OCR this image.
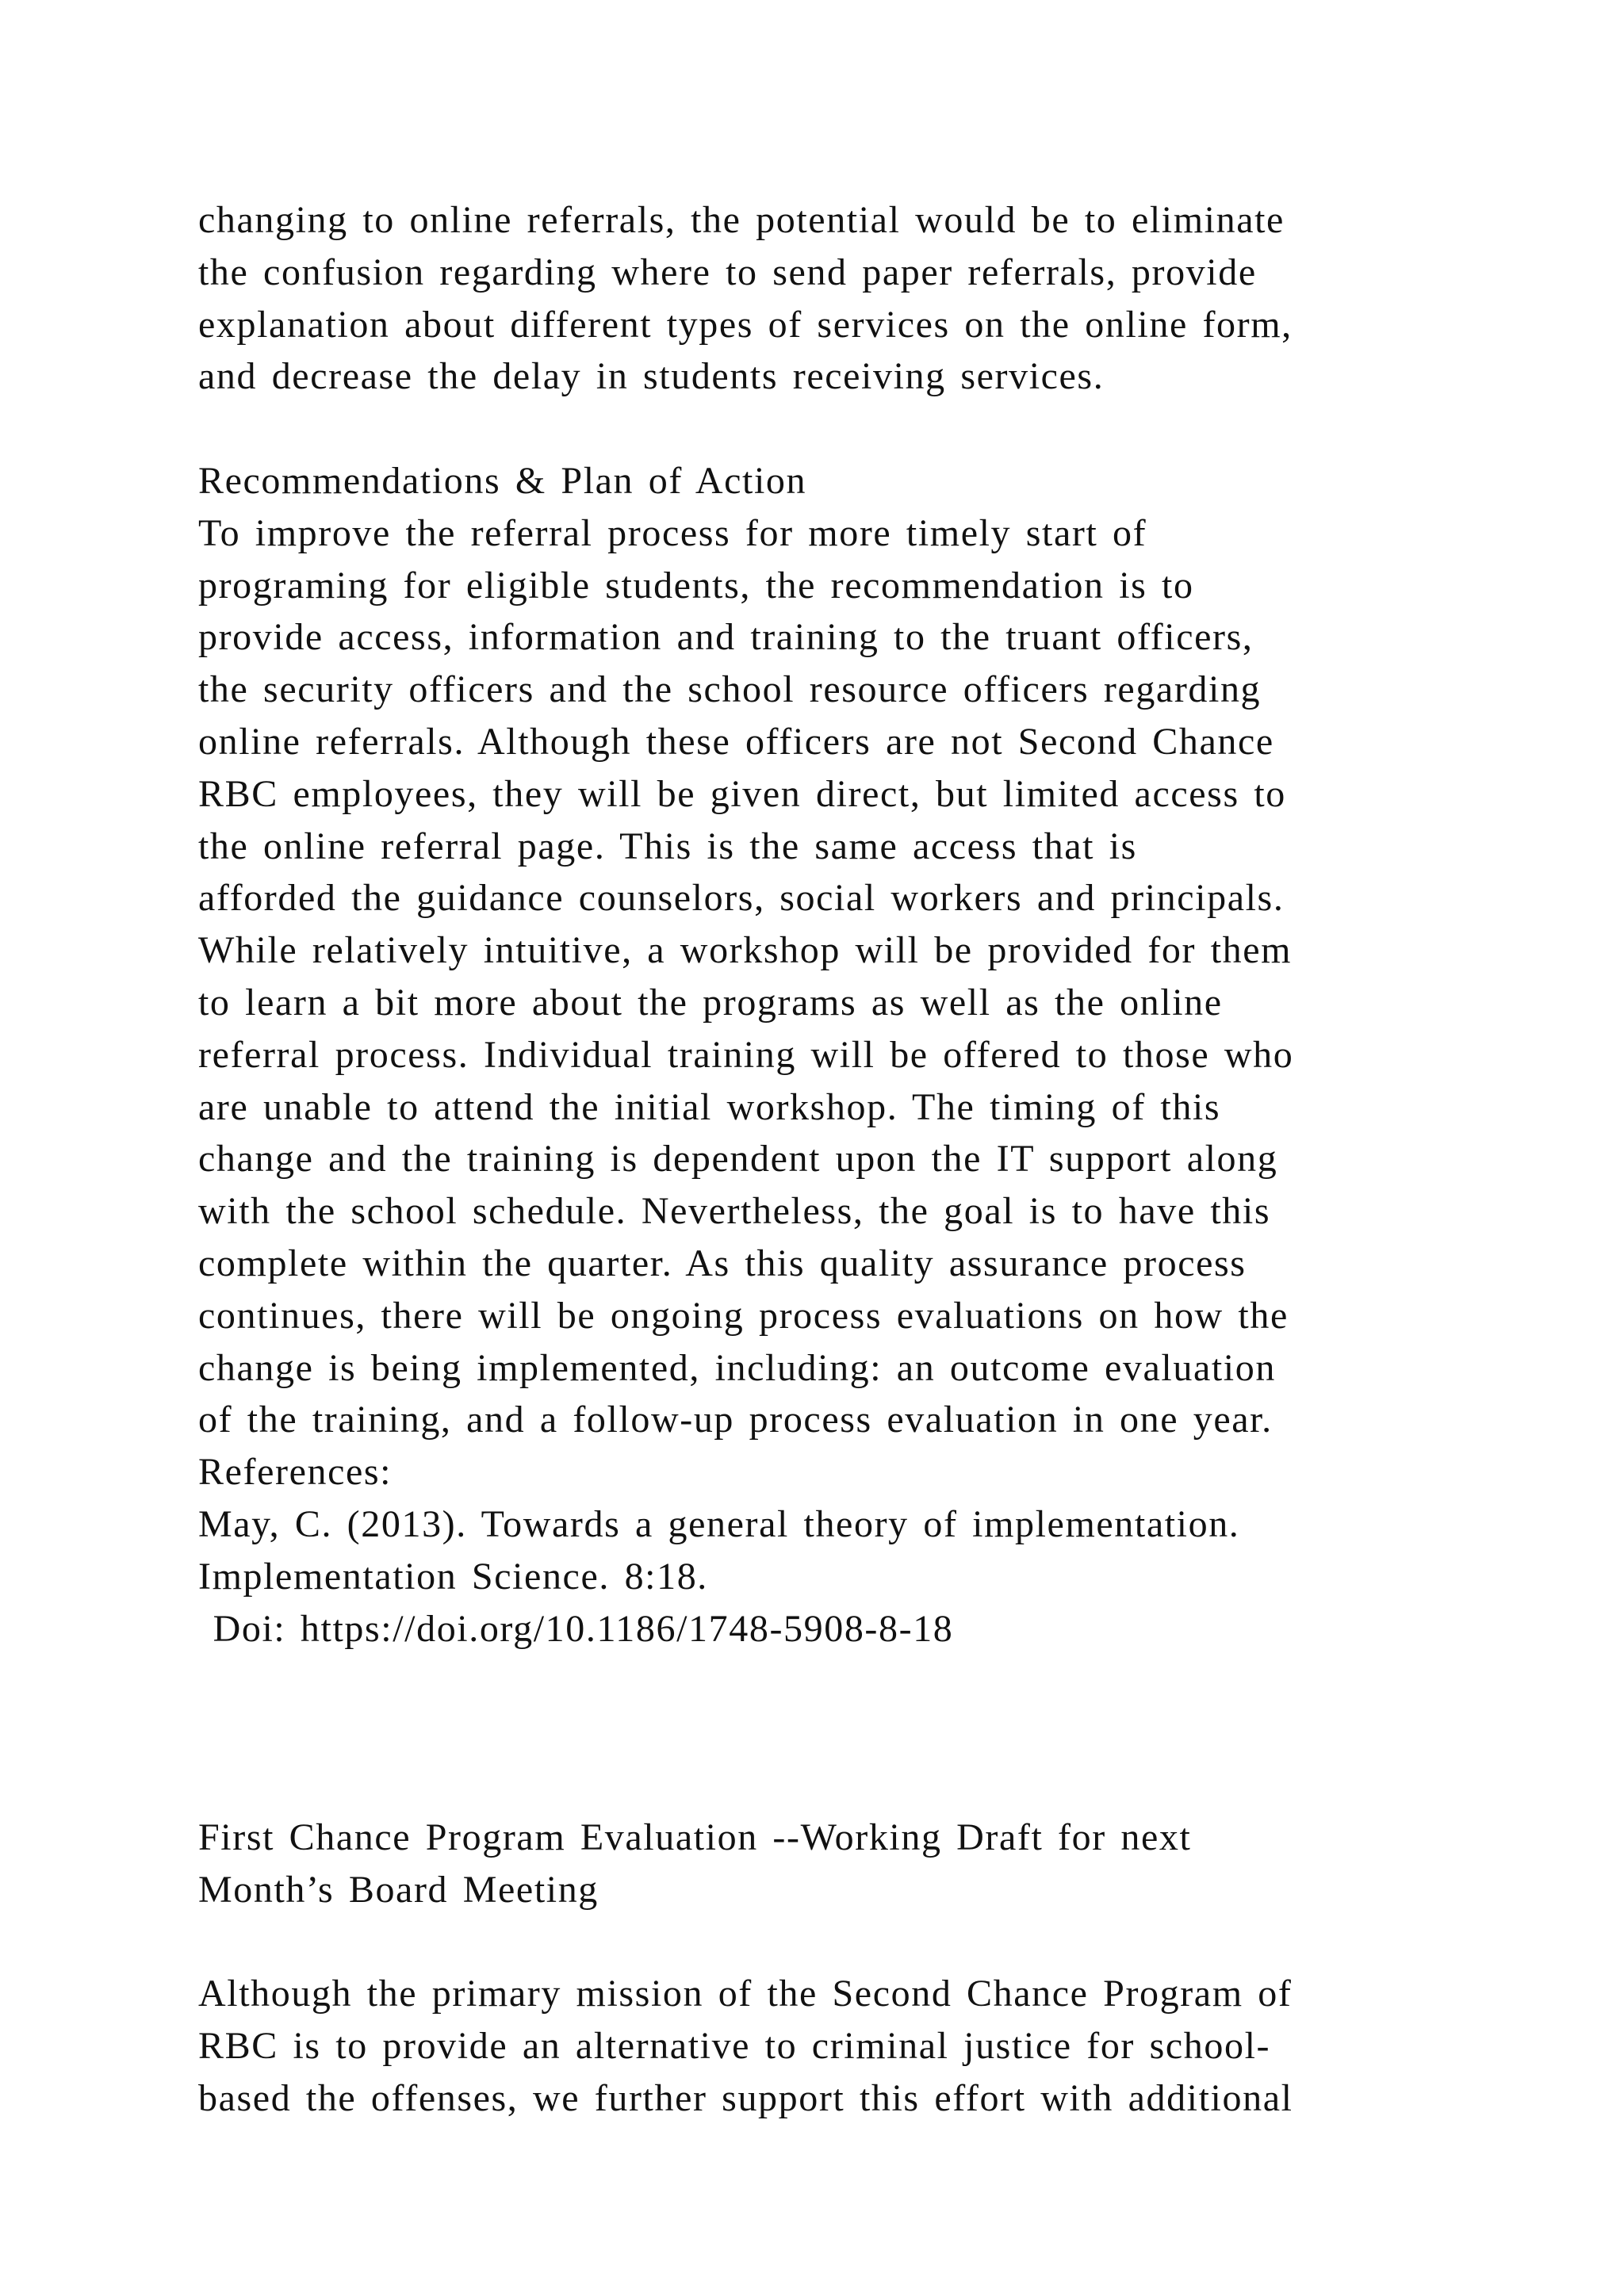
changing to online referrals, the potential would be to eliminate
the confusion regarding where to send paper referrals, provide
explanation about different types of services on the online form,
and decrease the delay in students receiving services.
Recommendations & Plan of Action
To improve the referral process for more timely start of
programing for eligible students, the recommendation is to
provide access, information and training to the truant officers,
the security officers and the school resource officers regarding
online referrals. Although these officers are not Second Chance
RBC employees, they will be given direct, but limited access to
the online referral page. This is the same access that is
afforded the guidance counselors, social workers and principals.
While relatively intuitive, a workshop will be provided for them
to learn a bit more about the programs as well as the online
referral process. Individual training will be offered to those who
are unable to attend the initial workshop. The timing of this
change and the training is dependent upon the IT support along
with the school schedule. Nevertheless, the goal is to have this
complete within the quarter. As this quality assurance process
continues, there will be ongoing process evaluations on how the
change is being implemented, including: an outcome evaluation
of the training, and a follow-up process evaluation in one year.
References:
May, C. (2013). Towards a general theory of implementation.
Implementation Science. 8:18.
Doi: https://doi.org/10.1186/1748-5908-8-18
First Chance Program Evaluation --Working Draft for next
Month’s Board Meeting
Although the primary mission of the Second Chance Program of
RBC is to provide an alternative to criminal justice for school-
based the offenses, we further support this effort with additional
